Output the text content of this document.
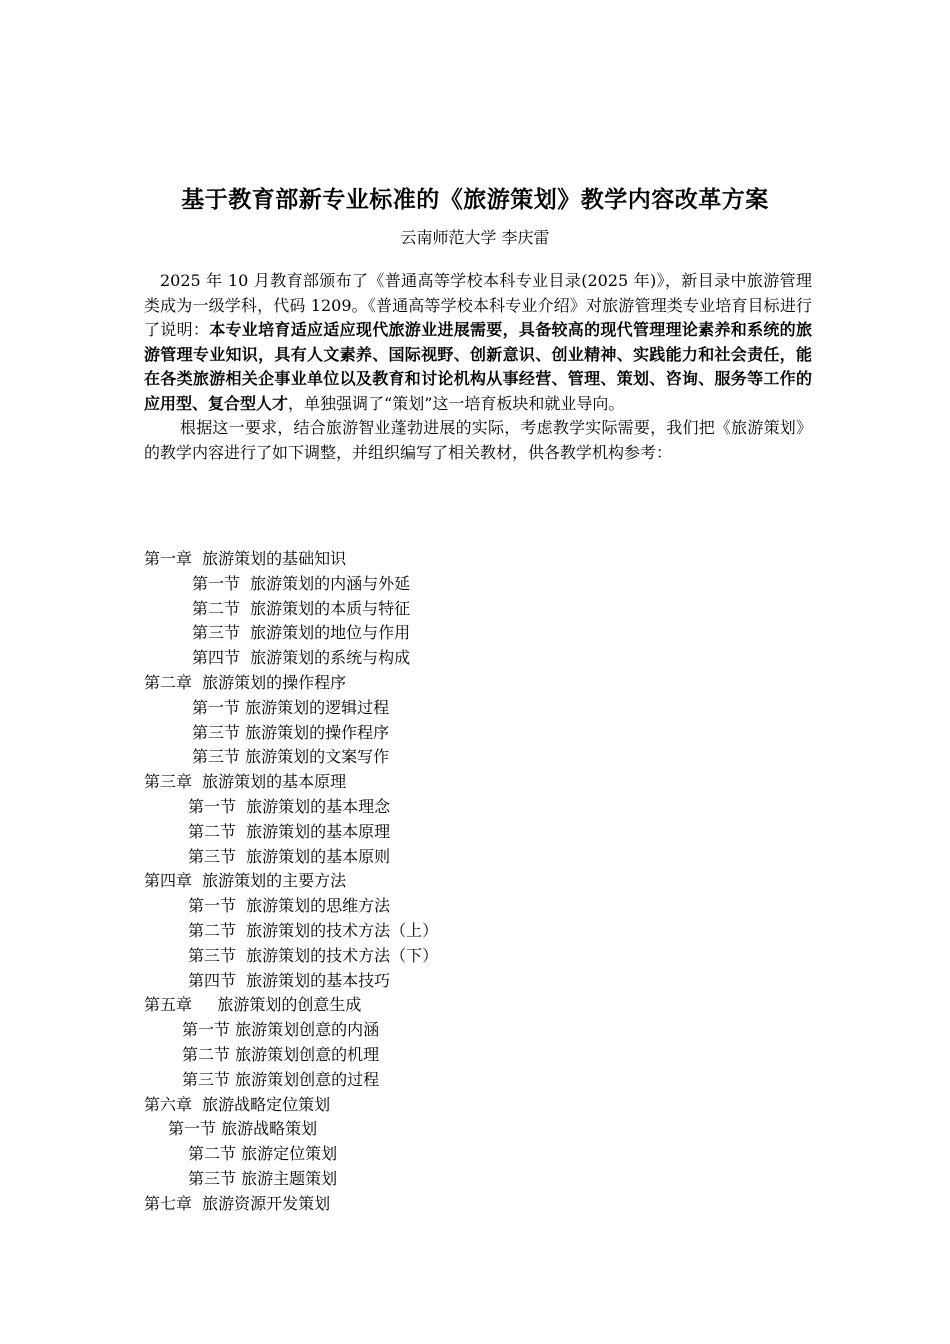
基于教育部新专业标准的《旅游策划》教学内容改革方案
云南师范大学 李庆雷

2025 年 10 月教育部颁布了《普通高等学校本科专业目录(2025 年)》，新目录中旅游管理类成为一级学科，代码 1209。《普通高等学校本科专业介绍》对旅游管理类专业培育目标进行了说明：本专业培育适应适应现代旅游业进展需要，具备较高的现代管理理论素养和系统的旅游管理专业知识，具有人文素养、国际视野、创新意识、创业精神、实践能力和社会责任，能在各类旅游相关企事业单位以及教育和讨论机构从事经营、管理、策划、咨询、服务等工作的应用型、复合型人才，单独强调了“策划”这一培育板块和就业导向。

根据这一要求，结合旅游智业蓬勃进展的实际，考虑教学实际需要，我们把《旅游策划》的教学内容进行了如下调整，并组织编写了相关教材，供各教学机构参考：

第一章  旅游策划的基础知识
第一节  旅游策划的内涵与外延
第二节  旅游策划的本质与特征
第三节  旅游策划的地位与作用
第四节  旅游策划的系统与构成
第二章  旅游策划的操作程序
第一节 旅游策划的逻辑过程
第三节 旅游策划的操作程序
第三节 旅游策划的文案写作
第三章  旅游策划的基本原理
第一节  旅游策划的基本理念
第二节  旅游策划的基本原理
第三节  旅游策划的基本原则
第四章  旅游策划的主要方法
第一节  旅游策划的思维方法
第二节  旅游策划的技术方法（上）
第三节  旅游策划的技术方法（下）
第四节  旅游策划的基本技巧
第五章     旅游策划的创意生成
第一节 旅游策划创意的内涵
第二节 旅游策划创意的机理
第三节 旅游策划创意的过程
第六章  旅游战略定位策划
第一节 旅游战略策划
第二节 旅游定位策划
第三节 旅游主题策划
第七章  旅游资源开发策划
